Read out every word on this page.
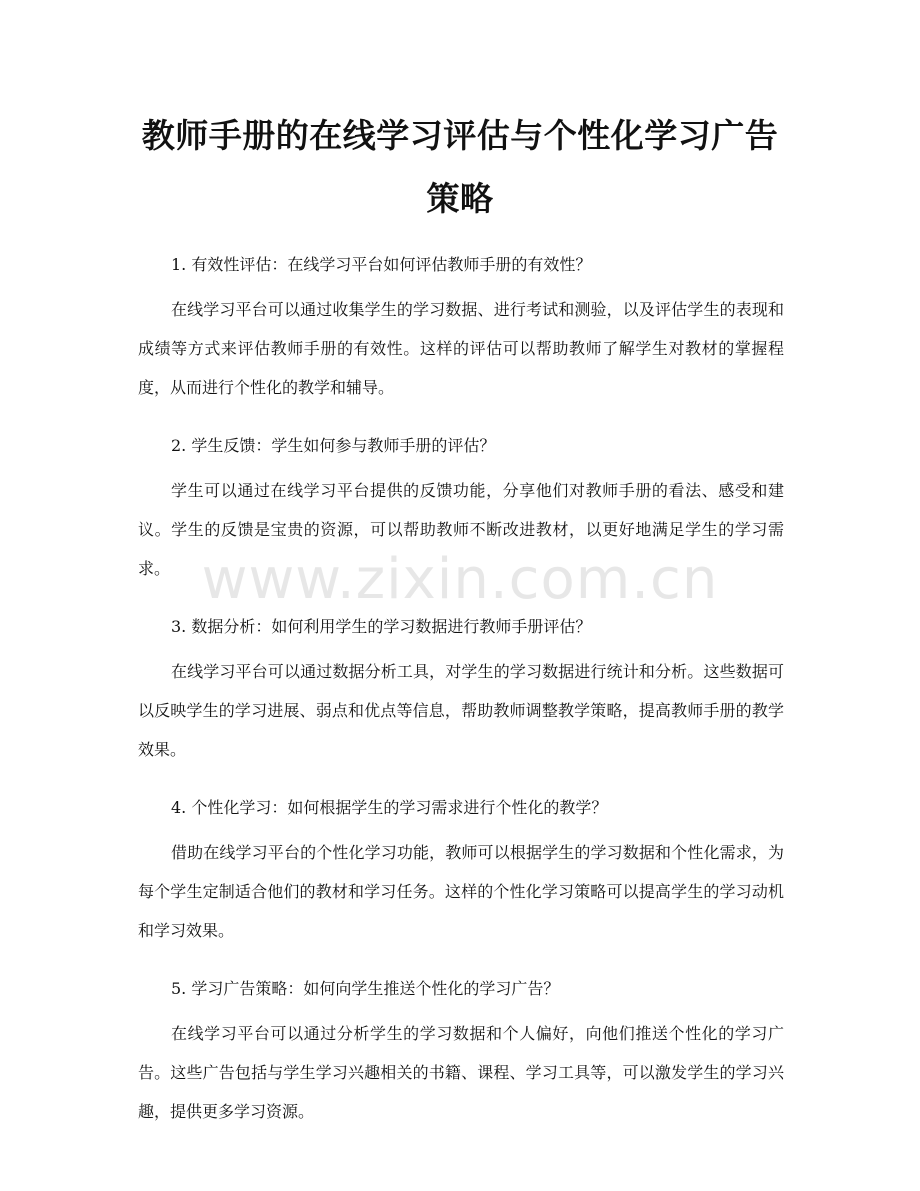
教师手册的在线学习评估与个性化学习广告策略

1. 有效性评估：在线学习平台如何评估教师手册的有效性？

在线学习平台可以通过收集学生的学习数据、进行考试和测验，以及评估学生的表现和成绩等方式来评估教师手册的有效性。这样的评估可以帮助教师了解学生对教材的掌握程度，从而进行个性化的教学和辅导。

2. 学生反馈：学生如何参与教师手册的评估？

学生可以通过在线学习平台提供的反馈功能，分享他们对教师手册的看法、感受和建议。学生的反馈是宝贵的资源，可以帮助教师不断改进教材，以更好地满足学生的学习需求。

3. 数据分析：如何利用学生的学习数据进行教师手册评估？

在线学习平台可以通过数据分析工具，对学生的学习数据进行统计和分析。这些数据可以反映学生的学习进展、弱点和优点等信息，帮助教师调整教学策略，提高教师手册的教学效果。

4. 个性化学习：如何根据学生的学习需求进行个性化的教学？

借助在线学习平台的个性化学习功能，教师可以根据学生的学习数据和个性化需求，为每个学生定制适合他们的教材和学习任务。这样的个性化学习策略可以提高学生的学习动机和学习效果。

5. 学习广告策略：如何向学生推送个性化的学习广告？

在线学习平台可以通过分析学生的学习数据和个人偏好，向他们推送个性化的学习广告。这些广告包括与学生学习兴趣相关的书籍、课程、学习工具等，可以激发学生的学习兴趣，提供更多学习资源。

www.zixin.com.cn
